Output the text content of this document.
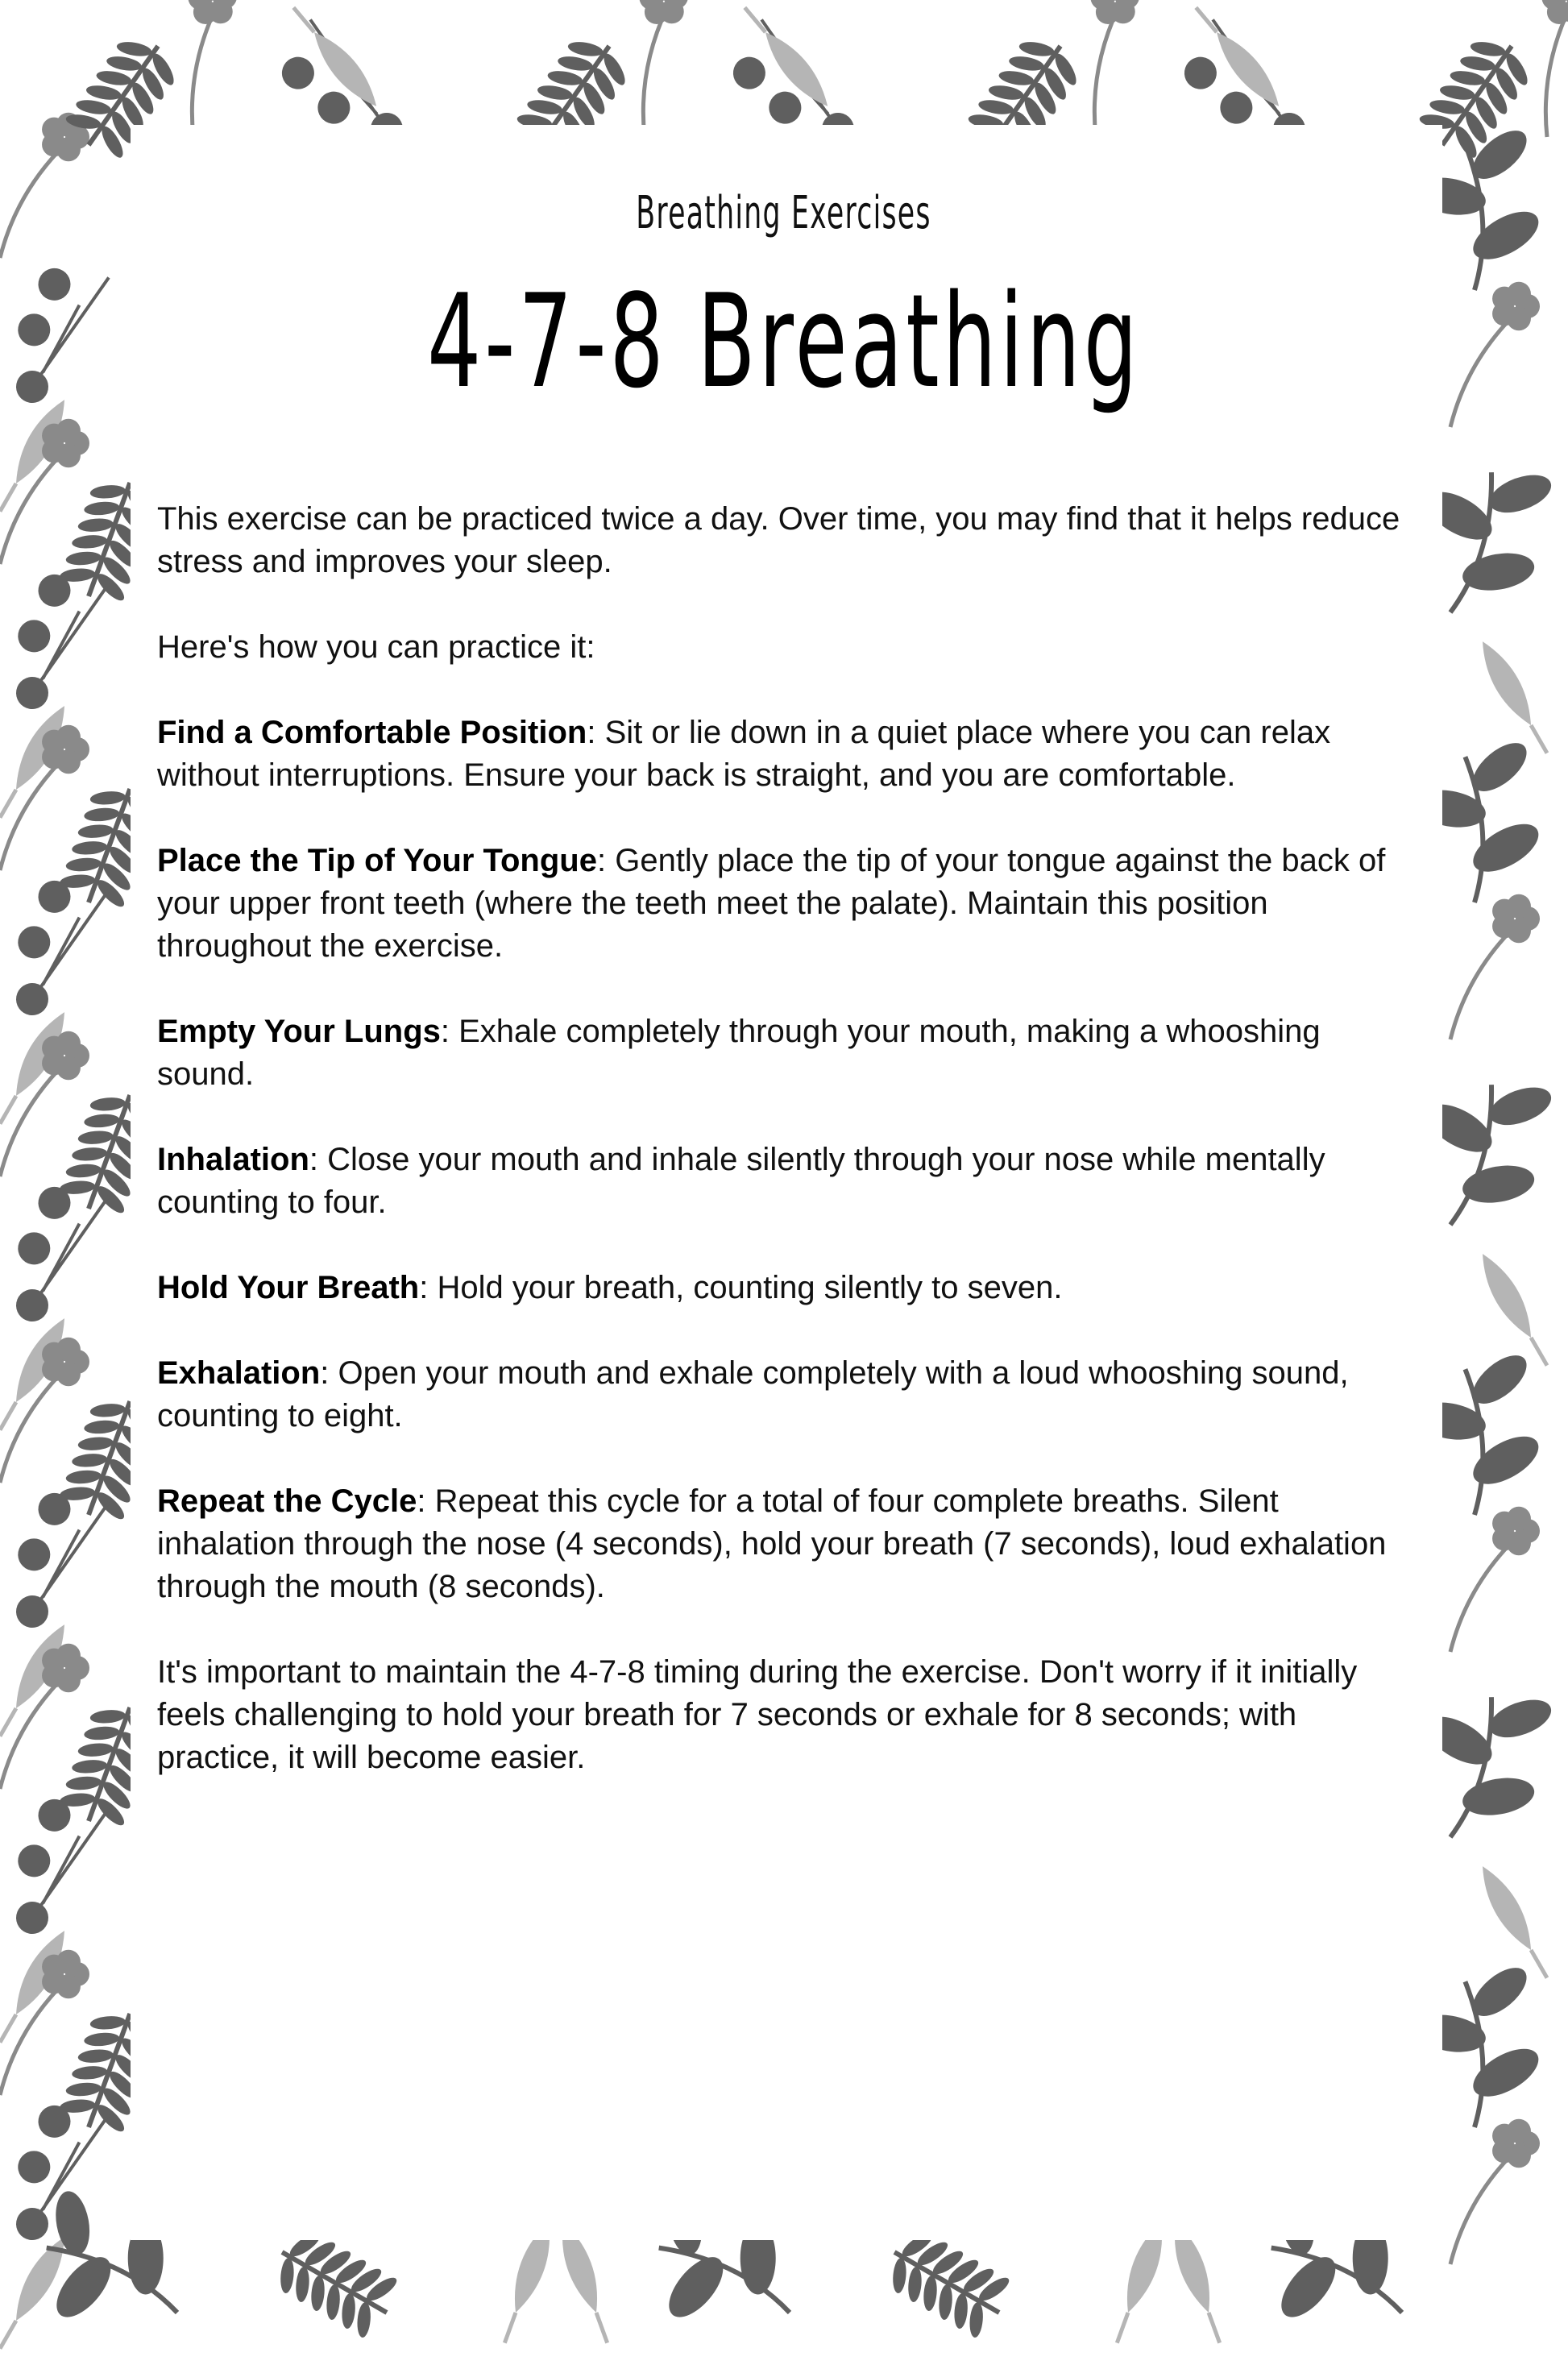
Breathing Exercises
4-7-8 Breathing

This exercise can be practiced twice a day. Over time, you may find that it helps reduce stress and improves your sleep.

Here's how you can practice it:

Find a Comfortable Position: Sit or lie down in a quiet place where you can relax without interruptions. Ensure your back is straight, and you are comfortable.

Place the Tip of Your Tongue: Gently place the tip of your tongue against the back of your upper front teeth (where the teeth meet the palate). Maintain this position throughout the exercise.

Empty Your Lungs: Exhale completely through your mouth, making a whooshing sound.

Inhalation: Close your mouth and inhale silently through your nose while mentally counting to four.

Hold Your Breath: Hold your breath, counting silently to seven.

Exhalation: Open your mouth and exhale completely with a loud whooshing sound, counting to eight.

Repeat the Cycle: Repeat this cycle for a total of four complete breaths. Silent inhalation through the nose (4 seconds), hold your breath (7 seconds), loud exhalation through the mouth (8 seconds).

It's important to maintain the 4-7-8 timing during the exercise. Don't worry if it initially feels challenging to hold your breath for 7 seconds or exhale for 8 seconds; with practice, it will become easier.
